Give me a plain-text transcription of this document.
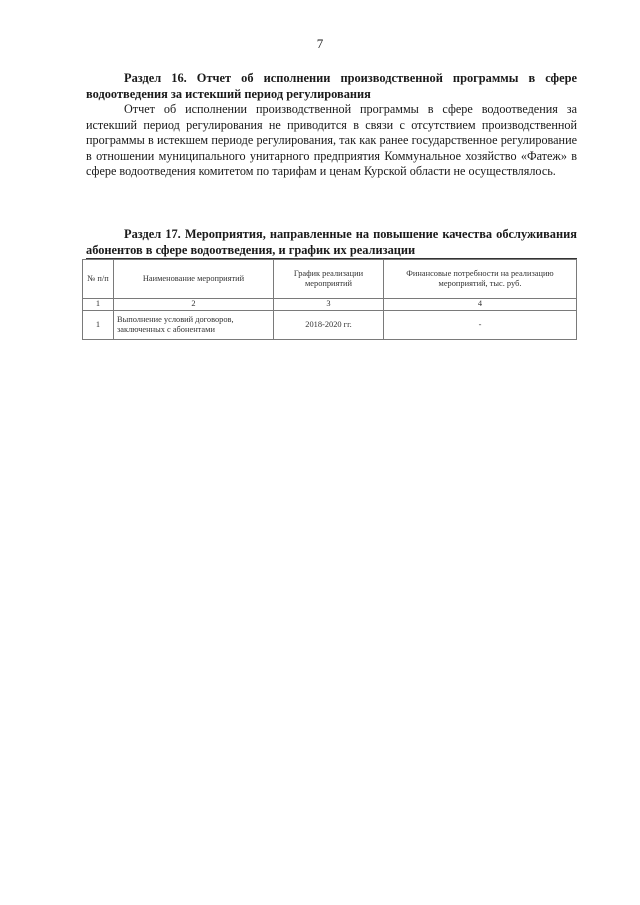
7

Раздел 16. Отчет об исполнении производственной программы в сфере водоотведения за истекший период регулирования

Отчет об исполнении производственной программы в сфере водоотведения за истекший период регулирования не приводится в связи с отсутствием производственной программы в истекшем периоде регулирования, так как ранее государственное регулирование в отношении муниципального унитарного предприятия Коммунальное хозяйство «Фатеж» в сфере водоотведения комитетом по тарифам и ценам Курской области не осуществлялось.

Раздел 17. Мероприятия, направленные на повышение качества обслуживания абонентов в сфере водоотведения, и график их реализации

№ п/п	Наименование мероприятий	График реализации мероприятий	Финансовые потребности на реализацию мероприятий, тыс. руб.
1	2	3	4
1	Выполнение условий договоров, заключенных с абонентами	2018-2020 гг.	-
